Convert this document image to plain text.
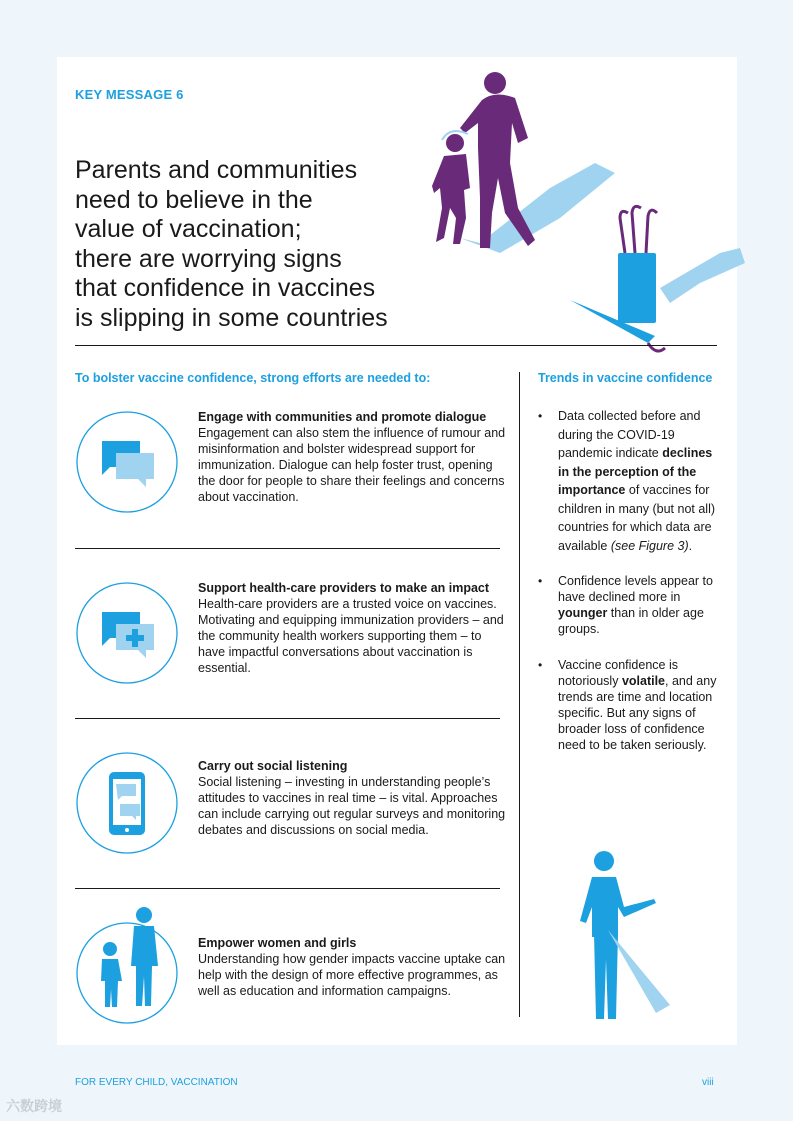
KEY MESSAGE 6
Parents and communities
need to believe in the
value of vaccination;
there are worrying signs
that confidence in vaccines
is slipping in some countries
To bolster vaccine confidence, strong efforts are needed to:	Trends in vaccine confidence
Engage with communities and promote dialogue
Engagement can also stem the influence of rumour and misinformation and bolster widespread support for immunization. Dialogue can help foster trust, opening the door for people to share their feelings and concerns about vaccination.
Support health-care providers to make an impact
Health-care providers are a trusted voice on vaccines. Motivating and equipping immunization providers – and the community health workers supporting them – to have impactful conversations about vaccination is essential.
Carry out social listening
Social listening – investing in understanding people’s attitudes to vaccines in real time – is vital. Approaches can include carrying out regular surveys and monitoring debates and discussions on social media.
Empower women and girls
Understanding how gender impacts vaccine uptake can help with the design of more effective programmes, as well as education and information campaigns.
• Data collected before and during the COVID-19 pandemic indicate declines in the perception of the importance of vaccines for children in many (but not all) countries for which data are available (see Figure 3).
• Confidence levels appear to have declined more in younger than in older age groups.
• Vaccine confidence is notoriously volatile, and any trends are time and location specific. But any signs of broader loss of confidence need to be taken seriously.
FOR EVERY CHILD, VACCINATION	viii
六数跨境
